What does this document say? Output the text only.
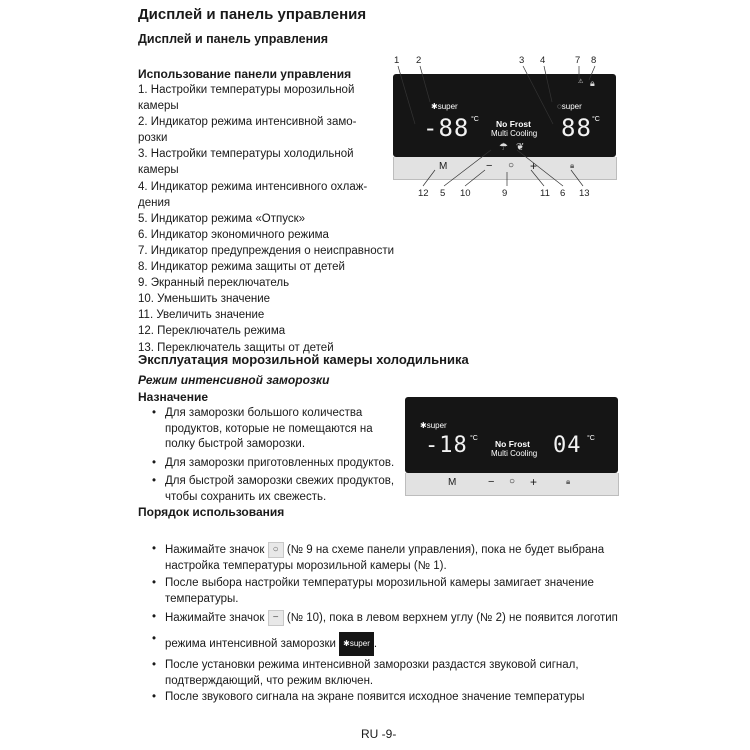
Дисплей и панель управления
Дисплей и панель управления
Использование панели управления
1. Настройки температуры морозильной
камеры
2. Индикатор режима интенсивной замо-
розки
3. Настройки температуры холодильной
камеры
4. Индикатор режима интенсивного охлаж-
дения
5. Индикатор режима «Отпуск»
6. Индикатор экономичного режима
7. Индикатор предупреждения о неисправности
8. Индикатор режима защиты от детей
9. Экранный переключатель
10. Уменьшить значение
11. Увеличить значение
12. Переключатель режима
13. Переключатель защиты от детей
1 2	3 4	7 8
✱super
-88 °C No Frost
Multi Cooling
◌super
88 °C
⚠ 🔒︎
☂ ❦
M	− ○ +	🔒︎
12 5 10	9	11 6 13
Эксплуатация морозильной камеры холодильника
Режим интенсивной заморозки
Назначение
• Для заморозки большого количества продуктов, которые не помещаются на полку быстрой заморозки.
• Для заморозки приготовленных продуктов.
• Для быстрой заморозки свежих продуктов, чтобы сохранить их свежесть.
✱super
-18 °C
No Frost
Multi Cooling 04 °C
M	− ○ +	🔒︎
Порядок использования
• Нажимайте значок ○ (№ 9 на схеме панели управления), пока не будет выбрана настройка температуры морозильной камеры (№ 1).
• После выбора настройки температуры морозильной камеры замигает значение температуры.
• Нажимайте значок − (№ 10), пока в левом верхнем углу (№ 2) не появится логотип
• режима интенсивной заморозки ✱super .
• После установки режима интенсивной заморозки раздастся звуковой сигнал, подтверждающий, что режим включен.
• После звукового сигнала на экране появится исходное значение температуры
RU -9-
